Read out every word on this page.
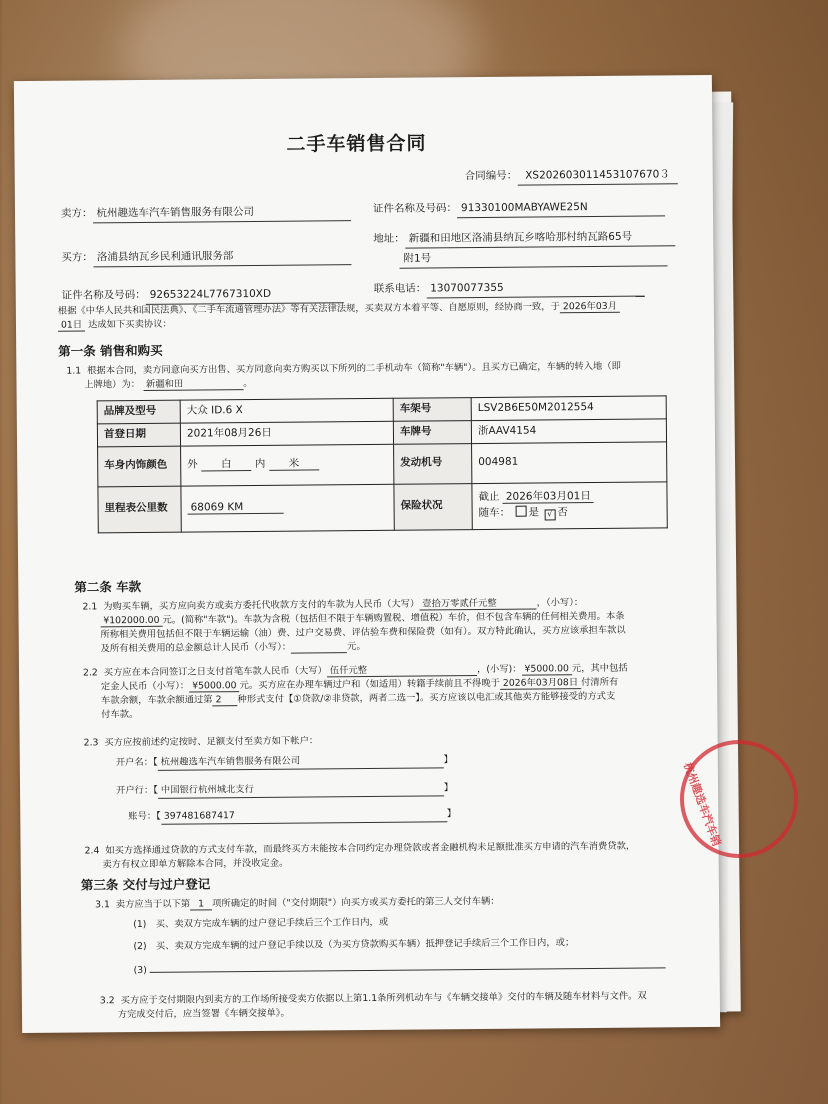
二手车销售合同
合同编号： XS202603011453107670３
卖方： 杭州趣选车汽车销售服务有限公司	证件名称及号码： 91330100MABYAWE25N
买方： 洛浦县纳瓦乡民利通讯服务部
地址： 新疆和田地区洛浦县纳瓦乡喀哈那村纳瓦路65号
附1号
证件名称及号码： 92653224L7767310XD	联系电话： 13070077355
根据《中华人民共和国民法典》、《二手车流通管理办法》等有关法律法规，买卖双方本着平等、自愿原则，经协商一致，于 2026年03月
01日 达成如下买卖协议：
第一条 销售和购买
1.1 根据本合同，卖方同意向买方出售、买方同意向卖方购买以下所列的二手机动车（简称"车辆"）。且买方已确定，车辆的转入地（即
上牌地）为： 新疆和田	。
品牌及型号	大众 ID.6 X	车架号	LSV2B6E50M2012554
首登日期	2021年08月26日	车牌号	浙AAV4154
车身内饰颜色	外 白 内 米	发动机号	004981
里程表公里数	68069 KM	保险状况	截止 2026年03月01日
随车： 是 √ 否
第二条 车款
2.1 为购买车辆，买方应向卖方或卖方委托代收款方支付的车款为人民币（大写） 壹拾万零贰仟元整	，（小写）：
¥102000.00 元。(简称"车款")。车款为含税（包括但不限于车辆购置税、增值税）车价，但不包含车辆的任何相关费用。本条
所称相关费用包括但不限于车辆运输（油）费、过户交易费、评估验车费和保险费（如有）。双方特此确认，买方应该承担车款以
及所有相关费用的总金额总计人民币（小写）：	元。
2.2 买方应在本合同签订之日支付首笔车款人民币（大写） 伍仟元整	，(小写)： ¥5000.00 元，其中包括
定金人民币（小写）： ¥5000.00 元。买方应在办理车辆过户和（如适用）转籍手续前且不得晚于 2026年03月08日 付清所有
车款余额，车款余额通过第 2 种形式支付【①贷款/②非贷款，两者二选一】。买方应该以电汇或其他卖方能够接受的方式支
付车款。
2.3 买方应按前述约定按时、足额支付至卖方如下帐户：
开户名：【 杭州趣选车汽车销售服务有限公司	】
开户行：【 中国银行杭州城北支行	】
账号：【 397481687417	】
2.4 如买方选择通过贷款的方式支付车款，而最终买方未能按本合同约定办理贷款或者金融机构未足额批准买方申请的汽车消费贷款，
卖方有权立即单方解除本合同，并没收定金。
第三条 交付与过户登记
3.1 卖方应当于以下第 1 项所确定的时间（"交付期限"）向买方或买方委托的第三人交付车辆：
(1)　买、卖双方完成车辆的过户登记手续后三个工作日内，或
(2)　买、卖双方完成车辆的过户登记手续以及（为买方贷款购买车辆）抵押登记手续后三个工作日内，或；
(3)
3.2 买方应于交付期限内到卖方的工作场所接受卖方依据以上第1.1条所列机动车与《车辆交接单》交付的车辆及随车材料与文件。双
方完成交付后，应当签署《车辆交接单》。
杭州趣选车汽车销
